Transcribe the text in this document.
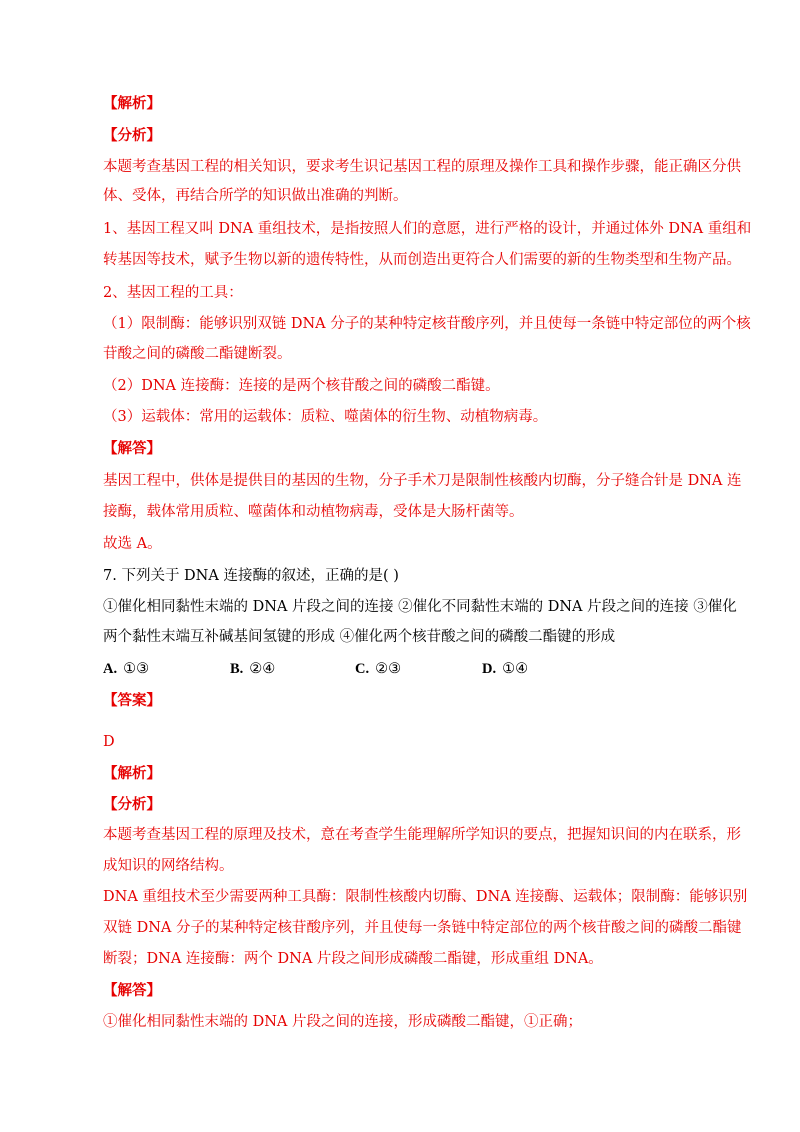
【解析】
【分析】
本题考查基因工程的相关知识，要求考生识记基因工程的原理及操作工具和操作步骤，能正确区分供
体、受体，再结合所学的知识做出准确的判断。
1、基因工程又叫 DNA 重组技术，是指按照人们的意愿，进行严格的设计，并通过体外 DNA 重组和
转基因等技术，赋予生物以新的遗传特性，从而创造出更符合人们需要的新的生物类型和生物产品。
2、基因工程的工具：
（1）限制酶：能够识别双链 DNA 分子的某种特定核苷酸序列，并且使每一条链中特定部位的两个核
苷酸之间的磷酸二酯键断裂。
（2）DNA 连接酶：连接的是两个核苷酸之间的磷酸二酯键。
（3）运载体：常用的运载体：质粒、噬菌体的衍生物、动植物病毒。
【解答】
基因工程中，供体是提供目的基因的生物，分子手术刀是限制性核酸内切酶，分子缝合针是 DNA 连
接酶，载体常用质粒、噬菌体和动植物病毒，受体是大肠杆菌等。
故选 A。
7. 下列关于 DNA 连接酶的叙述，正确的是( )
①催化相同黏性末端的 DNA 片段之间的连接 ②催化不同黏性末端的 DNA 片段之间的连接 ③催化
两个黏性末端互补碱基间氢键的形成 ④催化两个核苷酸之间的磷酸二酯键的形成
A. ①③	B. ②④	C. ②③	D. ①④
【答案】
D
【解析】
【分析】
本题考查基因工程的原理及技术，意在考查学生能理解所学知识的要点，把握知识间的内在联系，形
成知识的网络结构。
DNA 重组技术至少需要两种工具酶：限制性核酸内切酶、DNA 连接酶、运载体；限制酶：能够识别
双链 DNA 分子的某种特定核苷酸序列，并且使每一条链中特定部位的两个核苷酸之间的磷酸二酯键
断裂；DNA 连接酶：两个 DNA 片段之间形成磷酸二酯键，形成重组 DNA。
【解答】
①催化相同黏性末端的 DNA 片段之间的连接，形成磷酸二酯键，①正确；
